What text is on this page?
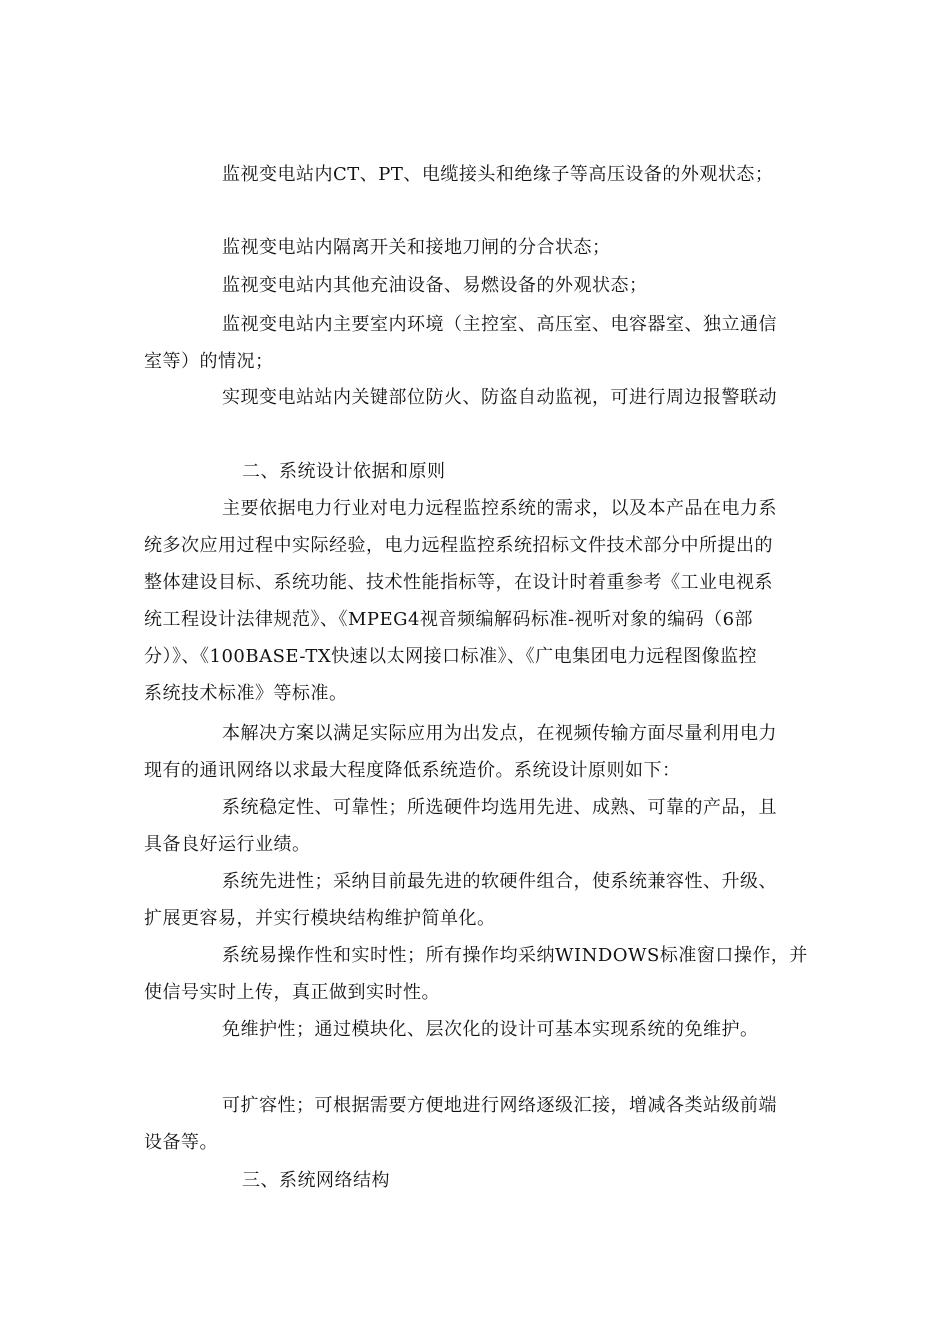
监视变电站内CT、PT、电缆接头和绝缘子等高压设备的外观状态；
监视变电站内隔离开关和接地刀闸的分合状态；
监视变电站内其他充油设备、易燃设备的外观状态；
监视变电站内主要室内环境（主控室、高压室、电容器室、独立通信
室等）的情况；
实现变电站站内关键部位防火、防盗自动监视，可进行周边报警联动
二、系统设计依据和原则
主要依据电力行业对电力远程监控系统的需求，以及本产品在电力系
统多次应用过程中实际经验，电力远程监控系统招标文件技术部分中所提出的
整体建设目标、系统功能、技术性能指标等，在设计时着重参考《工业电视系
统工程设计法律规范》、《MPEG4视音频编解码标准-视听对象的编码（6部
分）》、《100BASE-TX快速以太网接口标准》、《广电集团电力远程图像监控
系统技术标准》等标准。
本解决方案以满足实际应用为出发点，在视频传输方面尽量利用电力
现有的通讯网络以求最大程度降低系统造价。系统设计原则如下：
系统稳定性、可靠性；所选硬件均选用先进、成熟、可靠的产品，且
具备良好运行业绩。
系统先进性；采纳目前最先进的软硬件组合，使系统兼容性、升级、
扩展更容易，并实行模块结构维护简单化。
系统易操作性和实时性；所有操作均采纳WINDOWS标准窗口操作，并
使信号实时上传，真正做到实时性。
免维护性；通过模块化、层次化的设计可基本实现系统的免维护。
可扩容性；可根据需要方便地进行网络逐级汇接，增减各类站级前端
设备等。
三、系统网络结构
